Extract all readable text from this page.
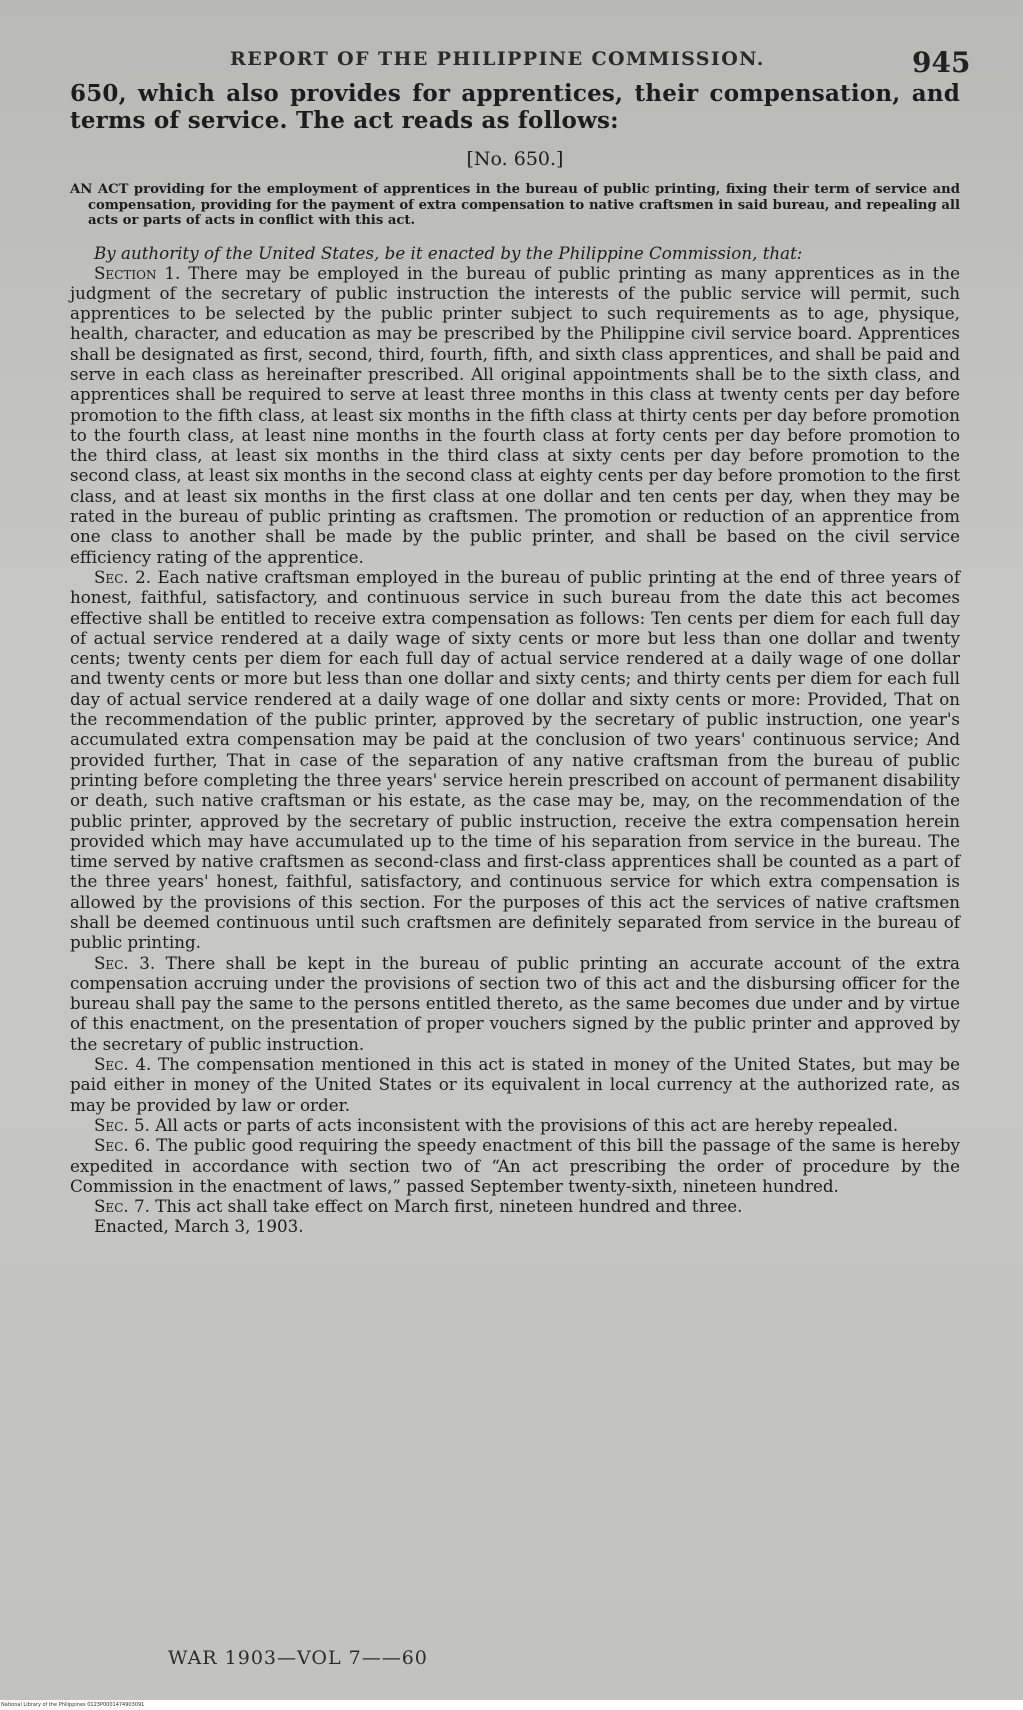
REPORT OF THE PHILIPPINE COMMISSION.	945

650, which also provides for apprentices, their compensation, and terms of service. The act reads as follows:

[No. 650.]

AN ACT providing for the employment of apprentices in the bureau of public printing, fixing their term of service and compensation, providing for the payment of extra compensation to native craftsmen in said bureau, and repealing all acts or parts of acts in conflict with this act.

By authority of the United States, be it enacted by the Philippine Commission, that:

Section 1. There may be employed in the bureau of public printing as many apprentices as in the judgment of the secretary of public instruction the interests of the public service will permit, such apprentices to be selected by the public printer subject to such requirements as to age, physique, health, character, and education as may be prescribed by the Philippine civil service board. Apprentices shall be designated as first, second, third, fourth, fifth, and sixth class apprentices, and shall be paid and serve in each class as hereinafter prescribed. All original appointments shall be to the sixth class, and apprentices shall be required to serve at least three months in this class at twenty cents per day before promotion to the fifth class, at least six months in the fifth class at thirty cents per day before promotion to the fourth class, at least nine months in the fourth class at forty cents per day before promotion to the third class, at least six months in the third class at sixty cents per day before promotion to the second class, at least six months in the second class at eighty cents per day before promotion to the first class, and at least six months in the first class at one dollar and ten cents per day, when they may be rated in the bureau of public printing as craftsmen. The promotion or reduction of an apprentice from one class to another shall be made by the public printer, and shall be based on the civil service efficiency rating of the apprentice.

Sec. 2. Each native craftsman employed in the bureau of public printing at the end of three years of honest, faithful, satisfactory, and continuous service in such bureau from the date this act becomes effective shall be entitled to receive extra compensation as follows: Ten cents per diem for each full day of actual service rendered at a daily wage of sixty cents or more but less than one dollar and twenty cents; twenty cents per diem for each full day of actual service rendered at a daily wage of one dollar and twenty cents or more but less than one dollar and sixty cents; and thirty cents per diem for each full day of actual service rendered at a daily wage of one dollar and sixty cents or more: Provided, That on the recommendation of the public printer, approved by the secretary of public instruction, one year's accumulated extra compensation may be paid at the conclusion of two years' continuous service; And provided further, That in case of the separation of any native craftsman from the bureau of public printing before completing the three years' service herein prescribed on account of permanent disability or death, such native craftsman or his estate, as the case may be, may, on the recommendation of the public printer, approved by the secretary of public instruction, receive the extra compensation herein provided which may have accumulated up to the time of his separation from service in the bureau. The time served by native craftsmen as second-class and first-class apprentices shall be counted as a part of the three years' honest, faithful, satisfactory, and continuous service for which extra compensation is allowed by the provisions of this section. For the purposes of this act the services of native craftsmen shall be deemed continuous until such craftsmen are definitely separated from service in the bureau of public printing.

Sec. 3. There shall be kept in the bureau of public printing an accurate account of the extra compensation accruing under the provisions of section two of this act and the disbursing officer for the bureau shall pay the same to the persons entitled thereto, as the same becomes due under and by virtue of this enactment, on the presentation of proper vouchers signed by the public printer and approved by the secretary of public instruction.

Sec. 4. The compensation mentioned in this act is stated in money of the United States, but may be paid either in money of the United States or its equivalent in local currency at the authorized rate, as may be provided by law or order.

Sec. 5. All acts or parts of acts inconsistent with the provisions of this act are hereby repealed.

Sec. 6. The public good requiring the speedy enactment of this bill the passage of the same is hereby expedited in accordance with section two of “An act prescribing the order of procedure by the Commission in the enactment of laws,” passed September twenty-sixth, nineteen hundred.

Sec. 7. This act shall take effect on March first, nineteen hundred and three.

Enacted, March 3, 1903.

WAR 1903—VOL 7——60
National Library of the Philippines 0123P0001474903091
